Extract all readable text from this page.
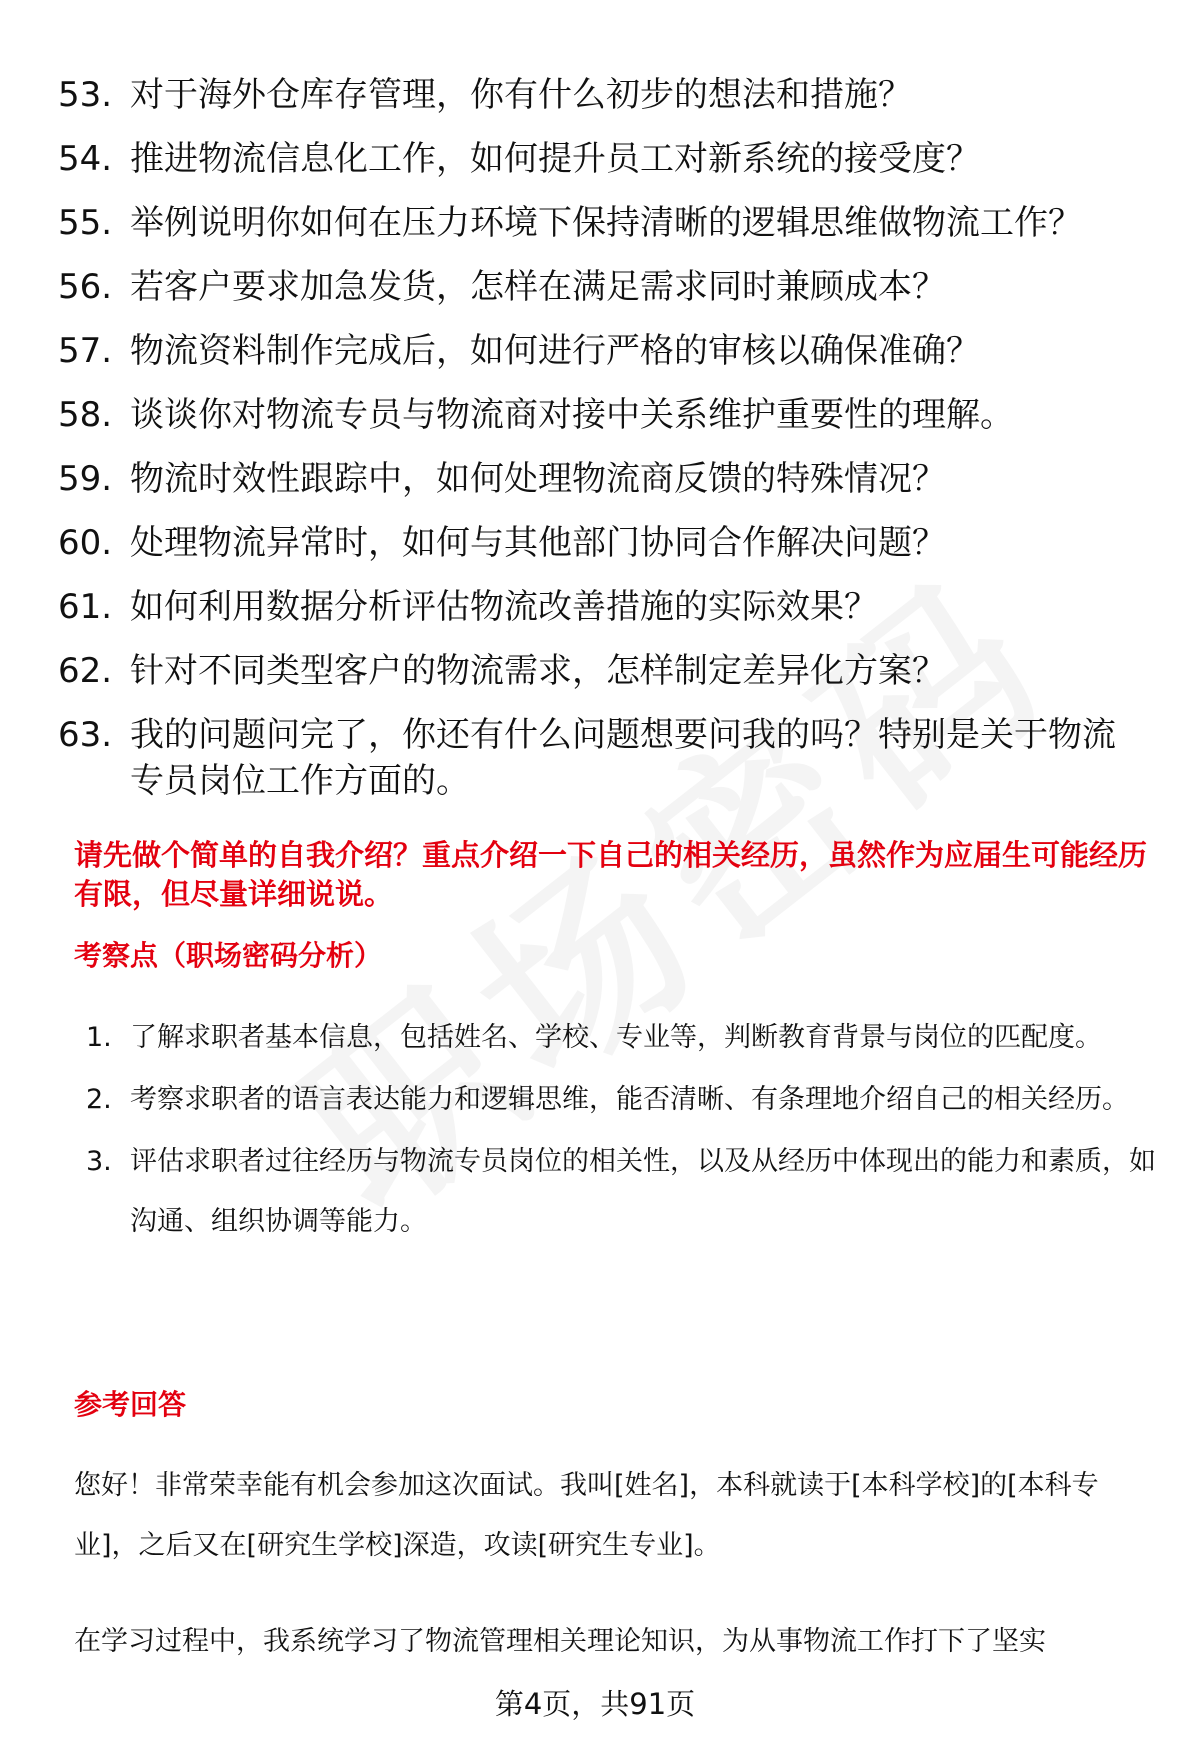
53. 对于海外仓库存管理，你有什么初步的想法和措施？
54. 推进物流信息化工作，如何提升员工对新系统的接受度？
55. 举例说明你如何在压力环境下保持清晰的逻辑思维做物流工作？
56. 若客户要求加急发货，怎样在满足需求同时兼顾成本？
57. 物流资料制作完成后，如何进行严格的审核以确保准确？
58. 谈谈你对物流专员与物流商对接中关系维护重要性的理解。
59. 物流时效性跟踪中，如何处理物流商反馈的特殊情况？
60. 处理物流异常时，如何与其他部门协同合作解决问题？
61. 如何利用数据分析评估物流改善措施的实际效果？
62. 针对不同类型客户的物流需求，怎样制定差异化方案？
63. 我的问题问完了，你还有什么问题想要问我的吗？特别是关于物流专员岗位工作方面的。
请先做个简单的自我介绍？重点介绍一下自己的相关经历，虽然作为应届生可能经历有限，但尽量详细说说。
考察点（职场密码分析）
1. 了解求职者基本信息，包括姓名、学校、专业等，判断教育背景与岗位的匹配度。
2. 考察求职者的语言表达能力和逻辑思维，能否清晰、有条理地介绍自己的相关经历。
3. 评估求职者过往经历与物流专员岗位的相关性，以及从经历中体现出的能力和素质，如沟通、组织协调等能力。
参考回答
您好！非常荣幸能有机会参加这次面试。我叫[姓名]，本科就读于[本科学校]的[本科专业]，之后又在[研究生学校]深造，攻读[研究生专业]。
在学习过程中，我系统学习了物流管理相关理论知识，为从事物流工作打下了坚实
第4页，共91页
